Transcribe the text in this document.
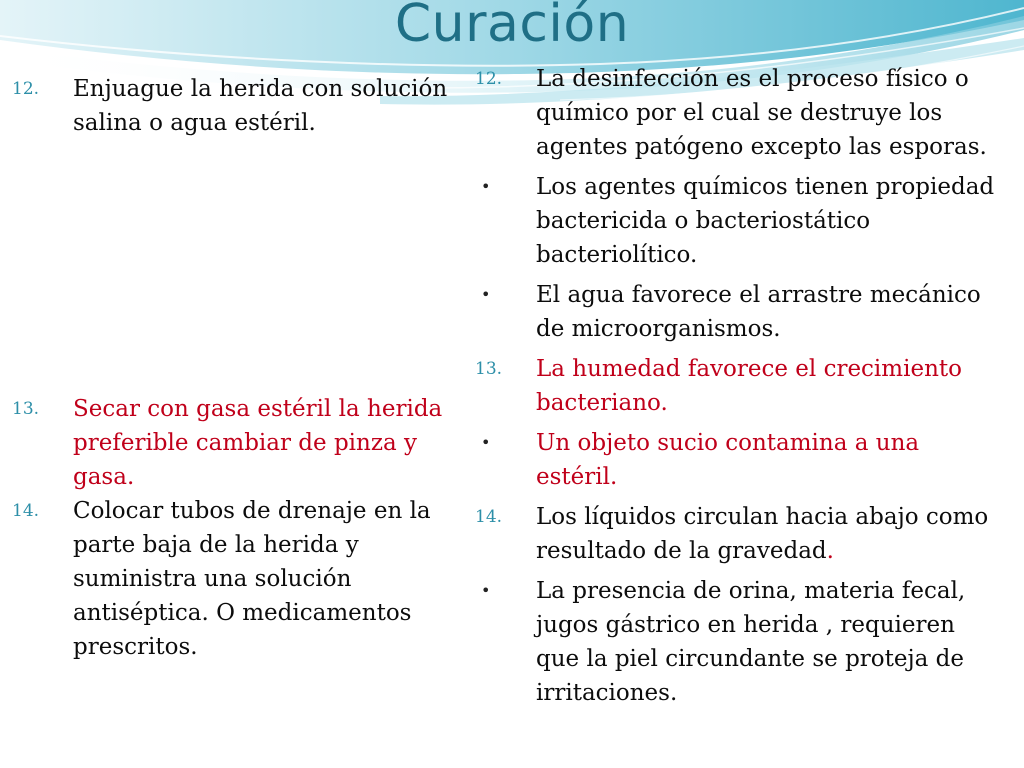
Curación
12. Enjuague la herida con solución salina o agua estéril.
13. Secar con gasa estéril la herida preferible cambiar de pinza y gasa.
14. Colocar tubos de drenaje en la parte baja de la herida y suministra una solución antiséptica. O medicamentos prescritos.
12. La desinfección es el proceso físico o químico por el cual se destruye los agentes patógeno excepto las esporas.
• Los agentes químicos tienen propiedad bactericida o bacteriostático bacteriolítico.
• El agua favorece el arrastre mecánico de microorganismos.
13. La humedad favorece el crecimiento bacteriano.
• Un objeto sucio contamina a una estéril.
14. Los líquidos circulan hacia abajo como resultado de la gravedad.
• La presencia de orina, materia fecal, jugos gástrico en herida , requieren que la piel circundante se proteja de irritaciones.
